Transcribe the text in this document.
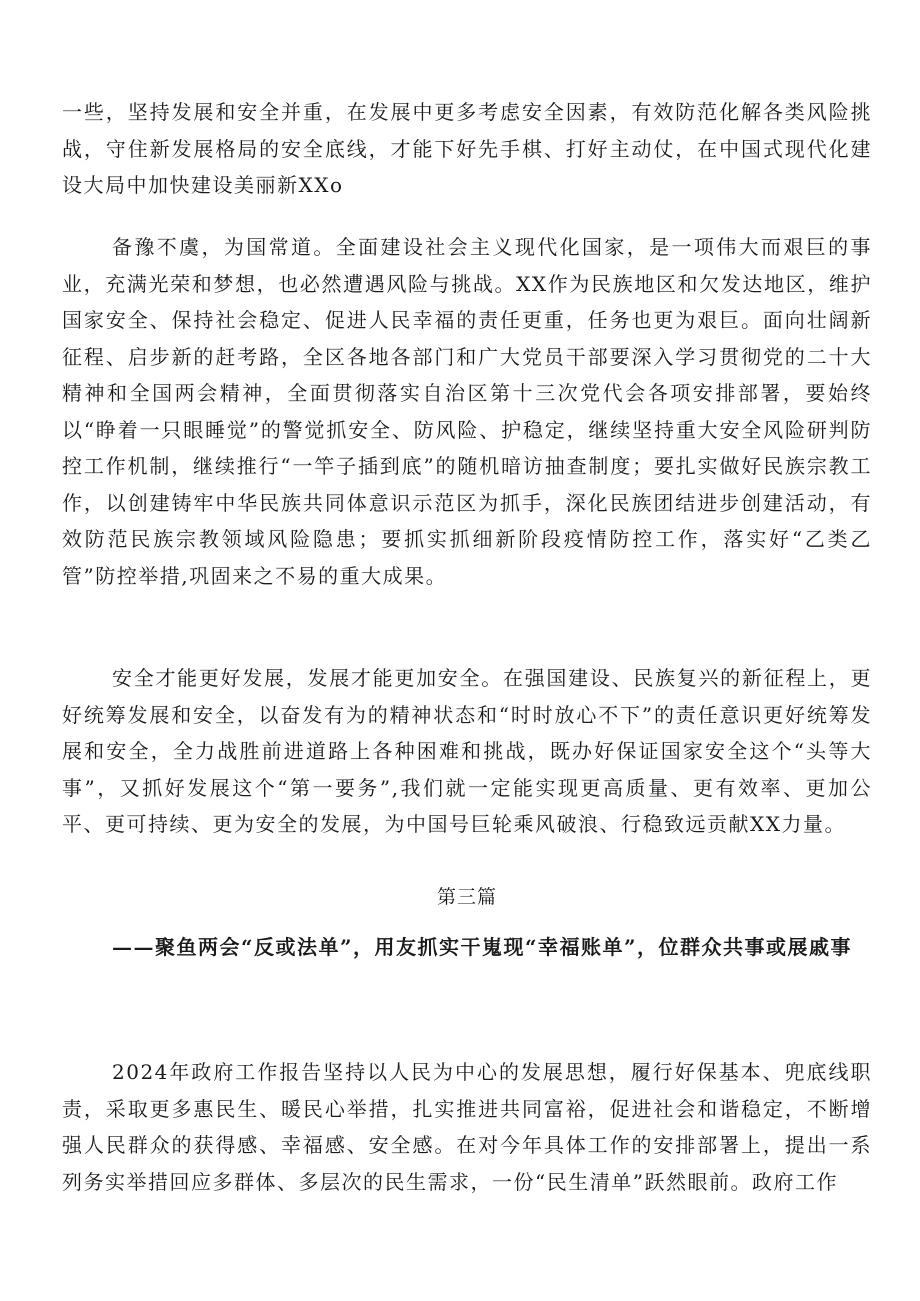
一些，坚持发展和安全并重，在发展中更多考虑安全因素，有效防范化解各类风险挑战，守住新发展格局的安全底线，才能下好先手棋、打好主动仗，在中国式现代化建设大局中加快建设美丽新XXo

备豫不虞，为国常道。全面建设社会主义现代化国家，是一项伟大而艰巨的事业，充满光荣和梦想，也必然遭遇风险与挑战。XX作为民族地区和欠发达地区，维护国家安全、保持社会稳定、促进人民幸福的责任更重，任务也更为艰巨。面向壮阔新征程、启步新的赶考路，全区各地各部门和广大党员干部要深入学习贯彻党的二十大精神和全国两会精神，全面贯彻落实自治区第十三次党代会各项安排部署，要始终以“睁着一只眼睡觉”的警觉抓安全、防风险、护稳定，继续坚持重大安全风险研判防控工作机制，继续推行“一竿子插到底”的随机暗访抽查制度；要扎实做好民族宗教工作，以创建铸牢中华民族共同体意识示范区为抓手，深化民族团结进步创建活动，有效防范民族宗教领域风险隐患；要抓实抓细新阶段疫情防控工作，落实好“乙类乙管”防控举措,巩固来之不易的重大成果。

安全才能更好发展，发展才能更加安全。在强国建设、民族复兴的新征程上，更好统筹发展和安全，以奋发有为的精神状态和“时时放心不下”的责任意识更好统筹发展和安全，全力战胜前进道路上各种困难和挑战，既办好保证国家安全这个“头等大事”，又抓好发展这个“第一要务”,我们就一定能实现更高质量、更有效率、更加公平、更可持续、更为安全的发展，为中国号巨轮乘风破浪、行稳致远贡献XX力量。

第三篇
——聚鱼两会“反或法单”，用友抓实干嵬现“幸福账单”，位群众共事或展戚事

2024年政府工作报告坚持以人民为中心的发展思想，履行好保基本、兜底线职责，采取更多惠民生、暖民心举措，扎实推进共同富裕，促进社会和谐稳定，不断增强人民群众的获得感、幸福感、安全感。在对今年具体工作的安排部署上，提出一系列务实举措回应多群体、多层次的民生需求，一份“民生清单”跃然眼前。政府工作
